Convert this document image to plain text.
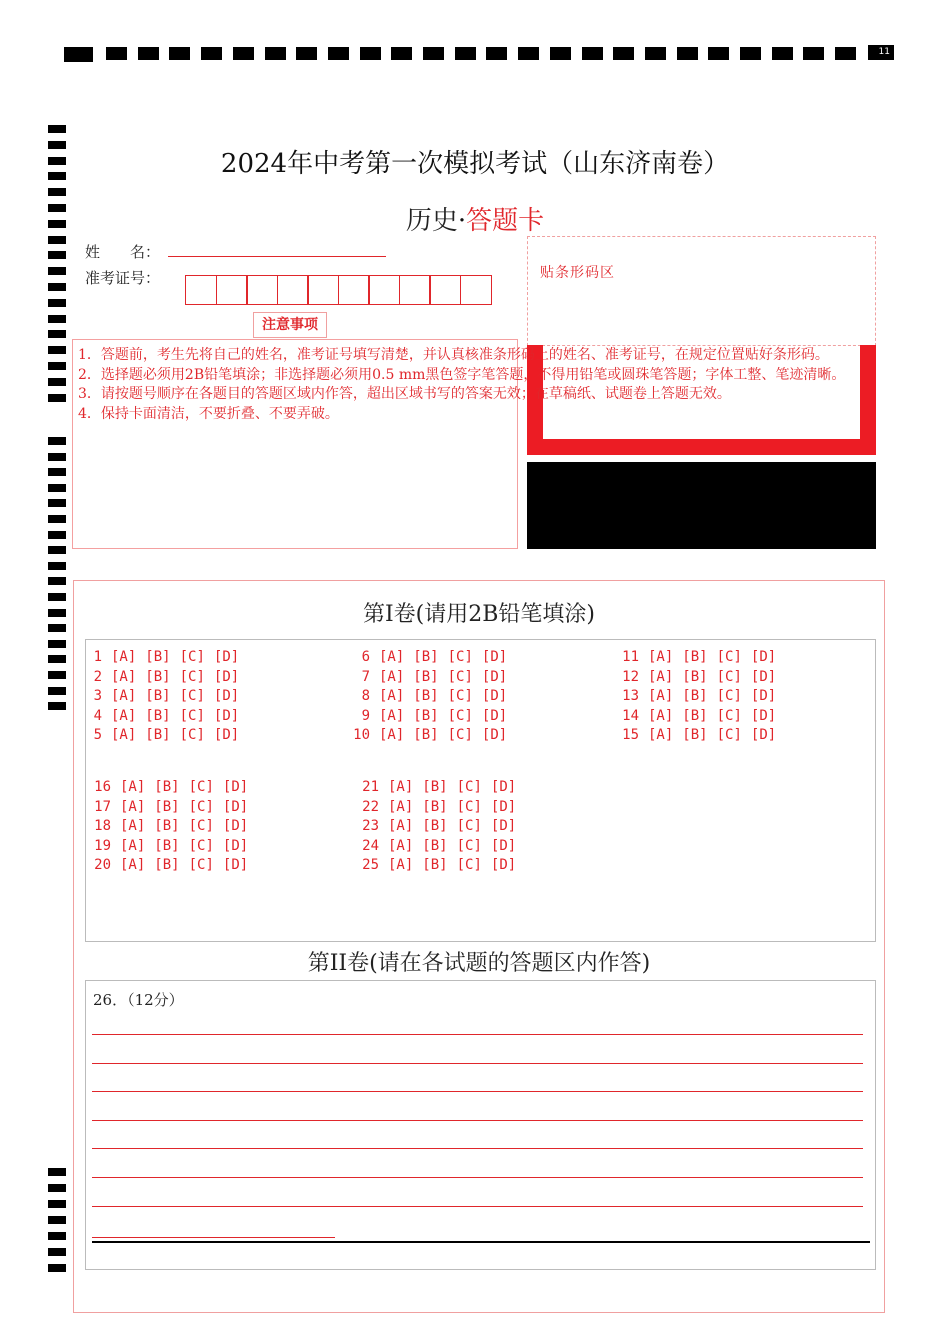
11
2024年中考第一次模拟考试（山东济南卷）
历史·答题卡
姓　　名：
准考证号：	贴条形码区
注意事项
1．答题前，考生先将自己的姓名，准考证号填写清楚，并认真核准条形码上的姓名、准考证号，在规定位置贴好条形码。
2．选择题必须用2B铅笔填涂；非选择题必须用0.5 mm黑色签字笔答题，不得用铅笔或圆珠笔答题；字体工整、笔迹清晰。
3．请按题号顺序在各题目的答题区域内作答，超出区域书写的答案无效；在草稿纸、试题卷上答题无效。
4．保持卡面清洁，不要折叠、不要弄破。
第I卷(请用2B铅笔填涂)
1 [A] [B] [C] [D]
2 [A] [B] [C] [D]
3 [A] [B] [C] [D]
4 [A] [B] [C] [D]
5 [A] [B] [C] [D]
6 [A] [B] [C] [D]
7 [A] [B] [C] [D]
8 [A] [B] [C] [D]
9 [A] [B] [C] [D]
10 [A] [B] [C] [D]
11 [A] [B] [C] [D]
12 [A] [B] [C] [D]
13 [A] [B] [C] [D]
14 [A] [B] [C] [D]
15 [A] [B] [C] [D]
16 [A] [B] [C] [D]
17 [A] [B] [C] [D]
18 [A] [B] [C] [D]
19 [A] [B] [C] [D]
20 [A] [B] [C] [D]
21 [A] [B] [C] [D]
22 [A] [B] [C] [D]
23 [A] [B] [C] [D]
24 [A] [B] [C] [D]
25 [A] [B] [C] [D]
第II卷(请在各试题的答题区内作答)
26．（12分）
